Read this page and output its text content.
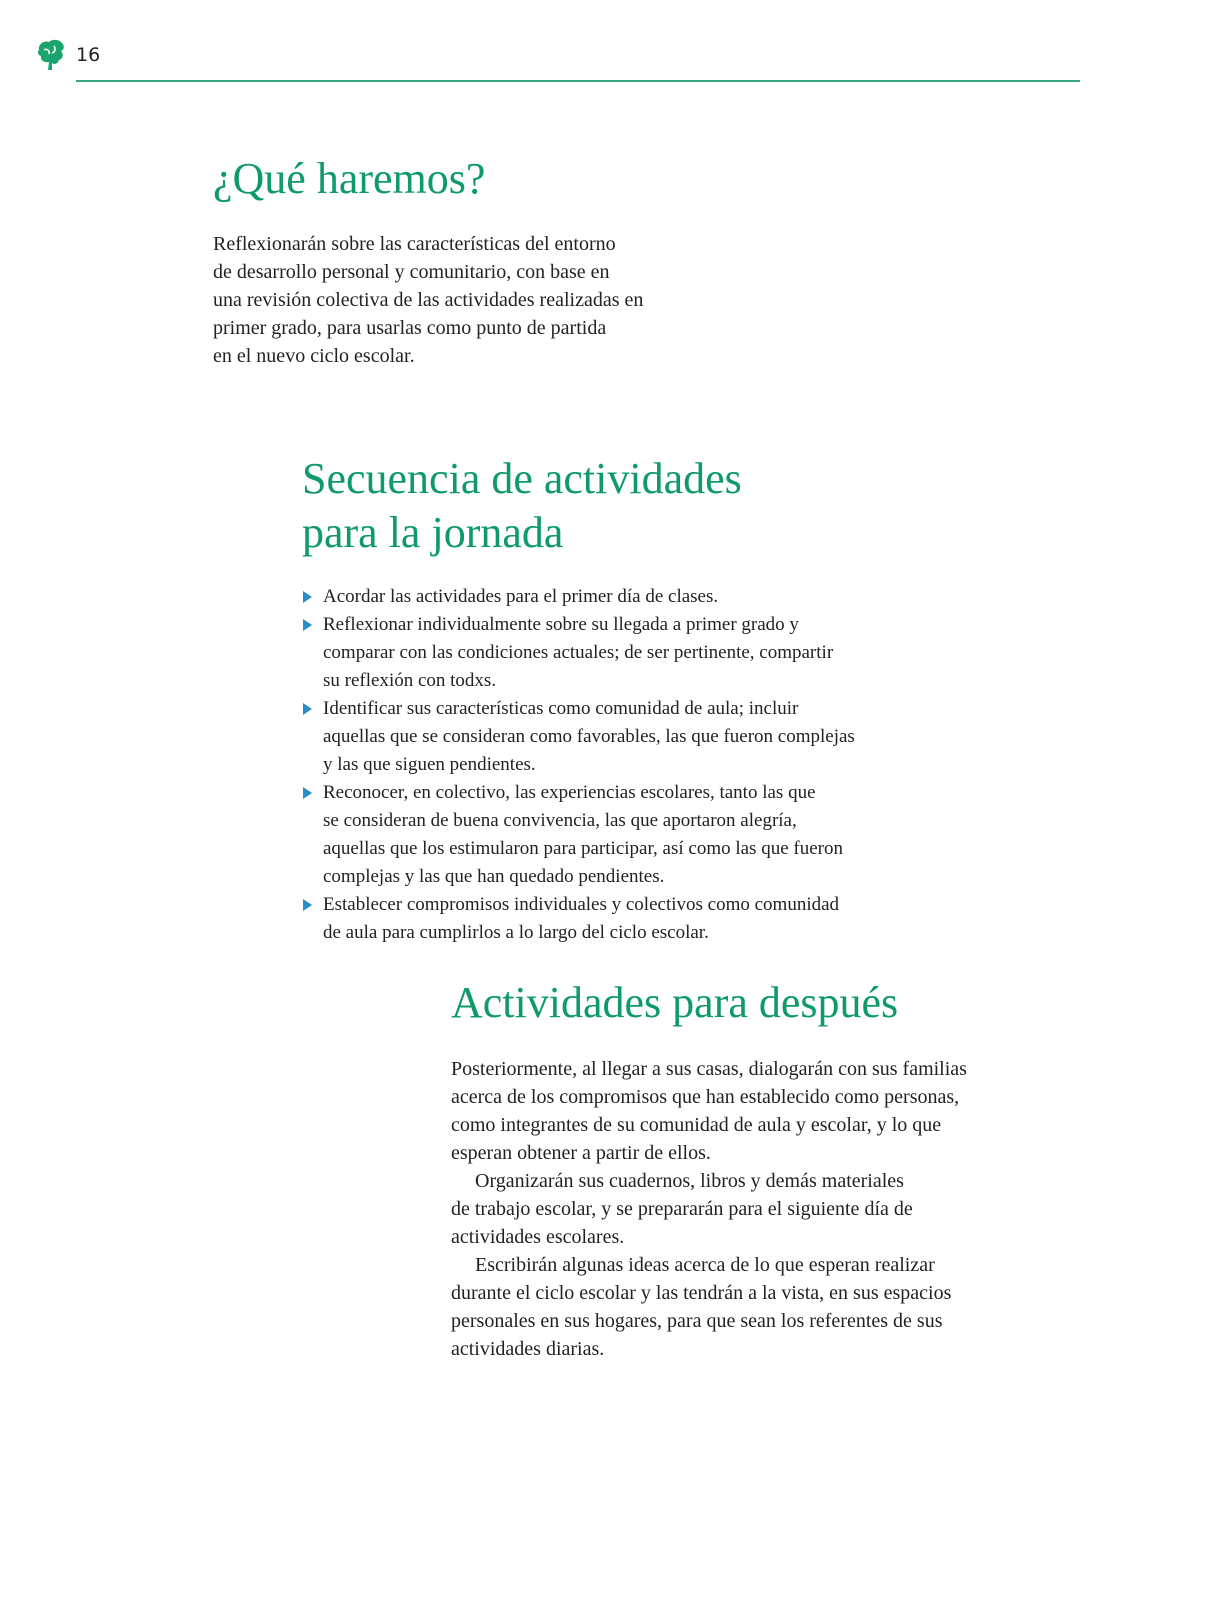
16
¿Qué haremos?

Reflexionarán sobre las características del entorno
de desarrollo personal y comunitario, con base en
una revisión colectiva de las actividades realizadas en
primer grado, para usarlas como punto de partida
en el nuevo ciclo escolar.

Secuencia de actividades
para la jornada
Acordar las actividades para el primer día de clases.
Reflexionar individualmente sobre su llegada a primer grado y
comparar con las condiciones actuales; de ser pertinente, compartir
su reflexión con todxs.
Identificar sus características como comunidad de aula; incluir
aquellas que se consideran como favorables, las que fueron complejas
y las que siguen pendientes.
Reconocer, en colectivo, las experiencias escolares, tanto las que
se consideran de buena convivencia, las que aportaron alegría,
aquellas que los estimularon para participar, así como las que fueron
complejas y las que han quedado pendientes.
Establecer compromisos individuales y colectivos como comunidad
de aula para cumplirlos a lo largo del ciclo escolar.
Actividades para después

Posteriormente, al llegar a sus casas, dialogarán con sus familias
acerca de los compromisos que han establecido como personas,
como integrantes de su comunidad de aula y escolar, y lo que
esperan obtener a partir de ellos.

Organizarán sus cuadernos, libros y demás materiales
de trabajo escolar, y se prepararán para el siguiente día de
actividades escolares.

Escribirán algunas ideas acerca de lo que esperan realizar
durante el ciclo escolar y las tendrán a la vista, en sus espacios
personales en sus hogares, para que sean los referentes de sus
actividades diarias.
